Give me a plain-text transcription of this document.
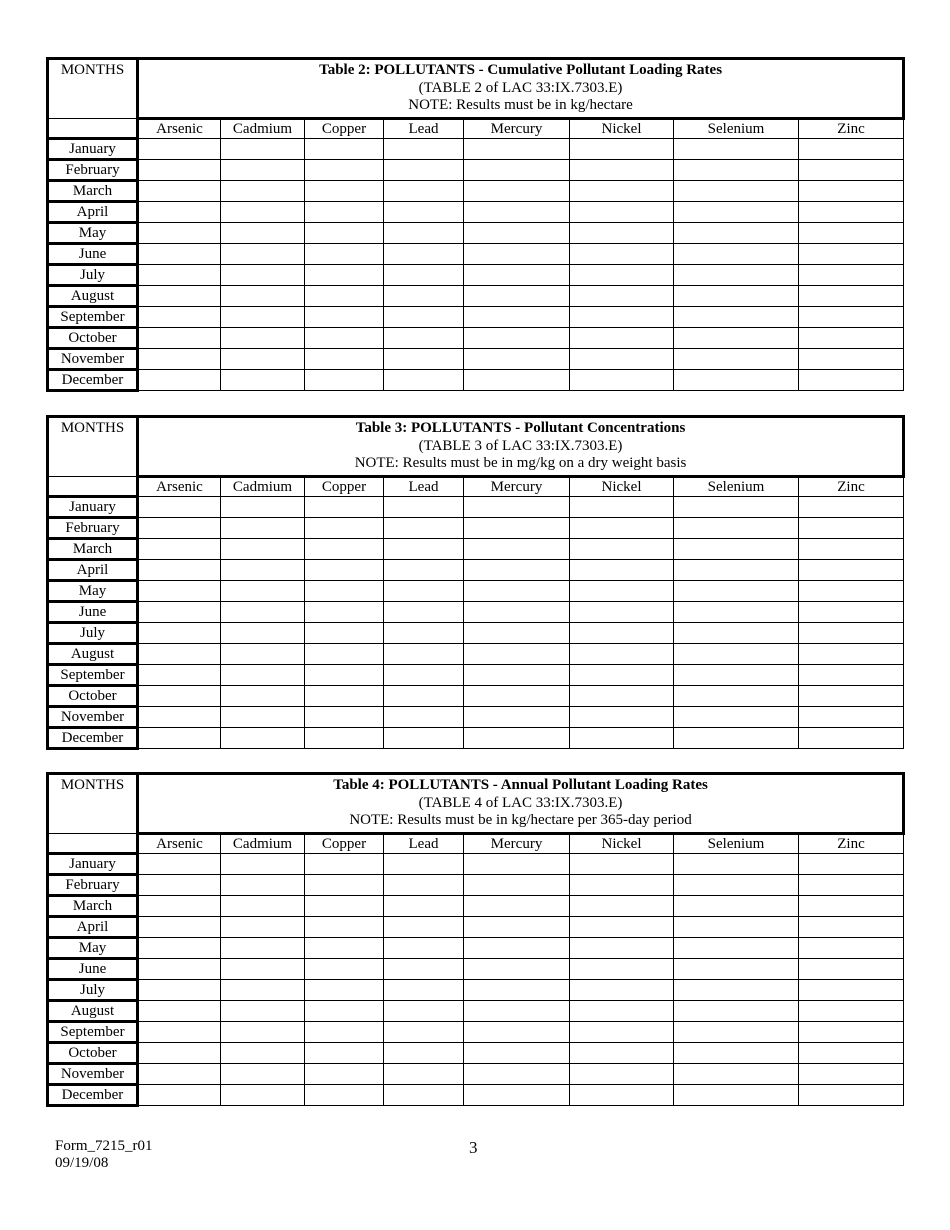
MONTHS	Table 2: POLLUTANTS - Cumulative Pollutant Loading Rates
(TABLE 2 of LAC 33:IX.7303.E)
NOTE: Results must be in kg/hectare							

	Arsenic	Cadmium	Copper	Lead	Mercury	Nickel	Selenium	Zinc
January								
February								
March								
April								
May								
June								
July								
August								
September								
October								
November								
December								
MONTHS	Table 3: POLLUTANTS - Pollutant Concentrations
(TABLE 3 of LAC 33:IX.7303.E)
NOTE: Results must be in mg/kg on a dry weight basis							

	Arsenic	Cadmium	Copper	Lead	Mercury	Nickel	Selenium	Zinc
January								
February								
March								
April								
May								
June								
July								
August								
September								
October								
November								
December								
MONTHS	Table 4: POLLUTANTS - Annual Pollutant Loading Rates
(TABLE 4 of LAC 33:IX.7303.E)
NOTE: Results must be in kg/hectare per 365-day period							

	Arsenic	Cadmium	Copper	Lead	Mercury	Nickel	Selenium	Zinc
January								
February								
March								
April								
May								
June								
July								
August								
September								
October								
November								
December								
Form_7215_r01
09/19/08
3
